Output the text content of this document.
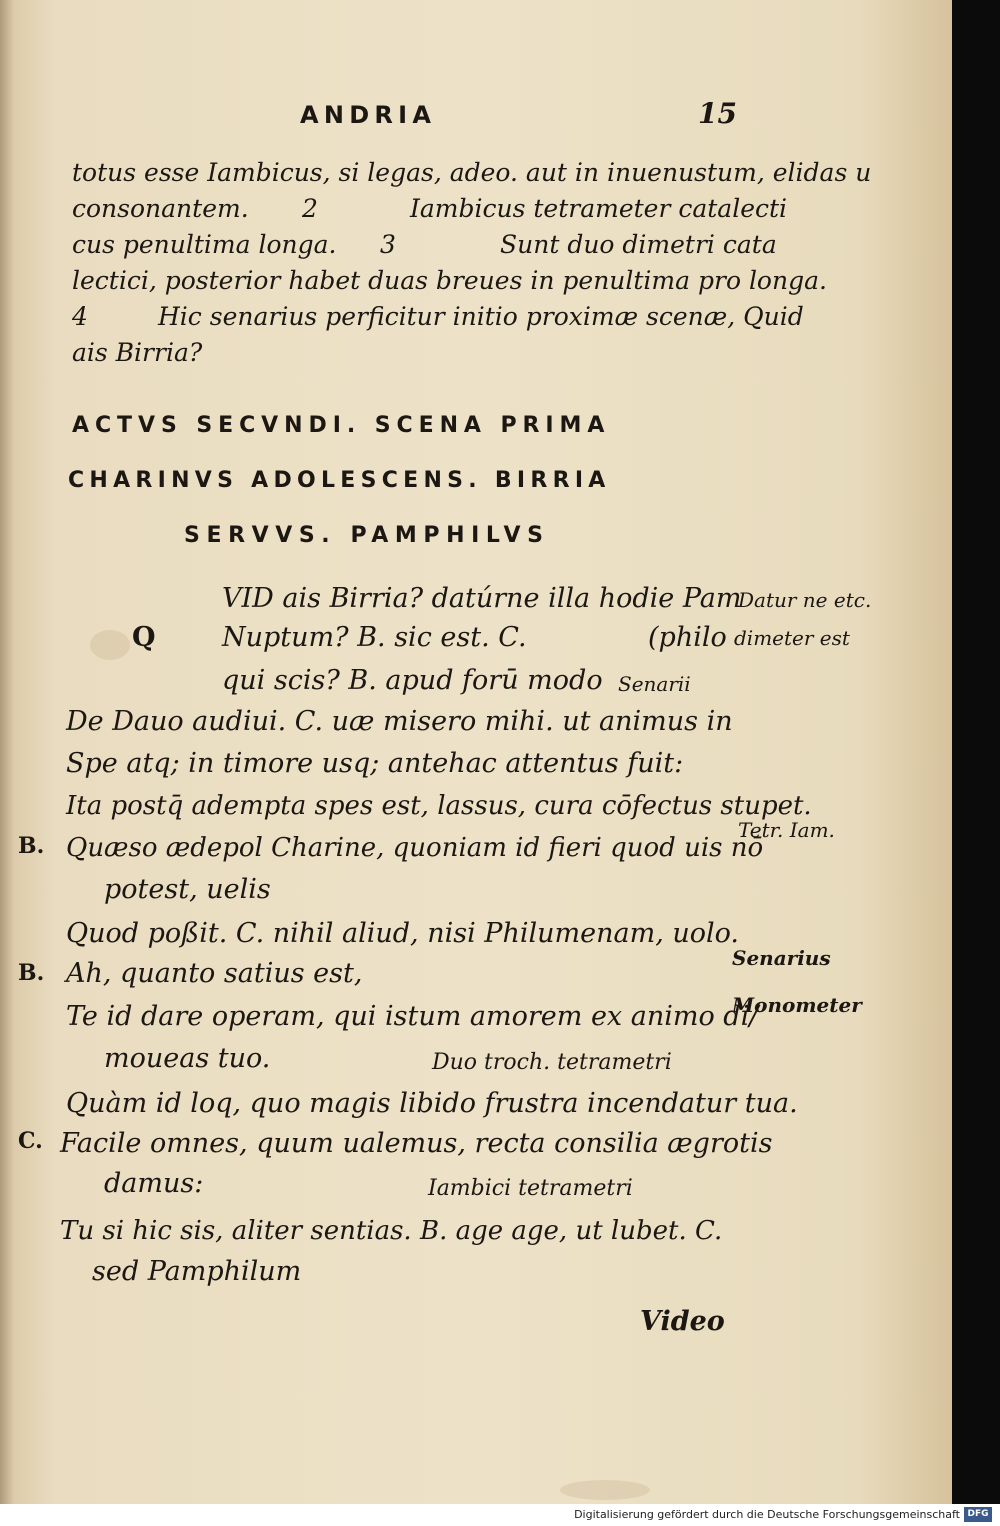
ANDRIA	15
totus esse Iambicus, si legas, adeo. aut in inuenustum, elidas u
consonantem. 2	Iambicus tetrameter catalecti
cus penultima longa. 3	Sunt duo dimetri cata
lectici, posterior habet duas breues in penultima pro longa.
4	Hic senarius perficitur initio proximæ scenæ, Quid
ais Birria?
ACTVS SECVNDI. SCENA PRIMA
CHARINVS ADOLESCENS. BIRRIA
SERVVS. PAMPHILVS
VID ais Birria? datúrne illa hodie Pam
Q Nuptum? B. sic est. C.	(philo
qui scis? B. apud forū modo
De Dauo audiui. C. uæ misero mihi. ut animus in
Spe atq; in timore usq; antehac attentus fuit:
Ita postq̄ adempta spes est, lassus, cura cōfectus stupet.
B. Quæso ædepol Charine, quoniam id fieri quod uis nō
potest, uelis
Quod poßit. C. nihil aliud, nisi Philumenam, uolo.
B. Ah, quanto satius est,
Te id dare operam, qui istum amorem ex animo di/
moueas tuo.	Duo troch. tetrametri
Quàm id loq, quo magis libido frustra incendatur tua.
C. Facile omnes, quum ualemus, recta consilia ægrotis
damus:	Iambici tetrametri
Tu si hic sis, aliter sentias. B. age age, ut lubet. C.
sed Pamphilum
Video
Datur ne etc.
dimeter est
Senarii
Tetr. Iam.
Senarius
Monometer
Digitalisierung gefördert durch die Deutsche Forschungsgemeinschaft DFG
